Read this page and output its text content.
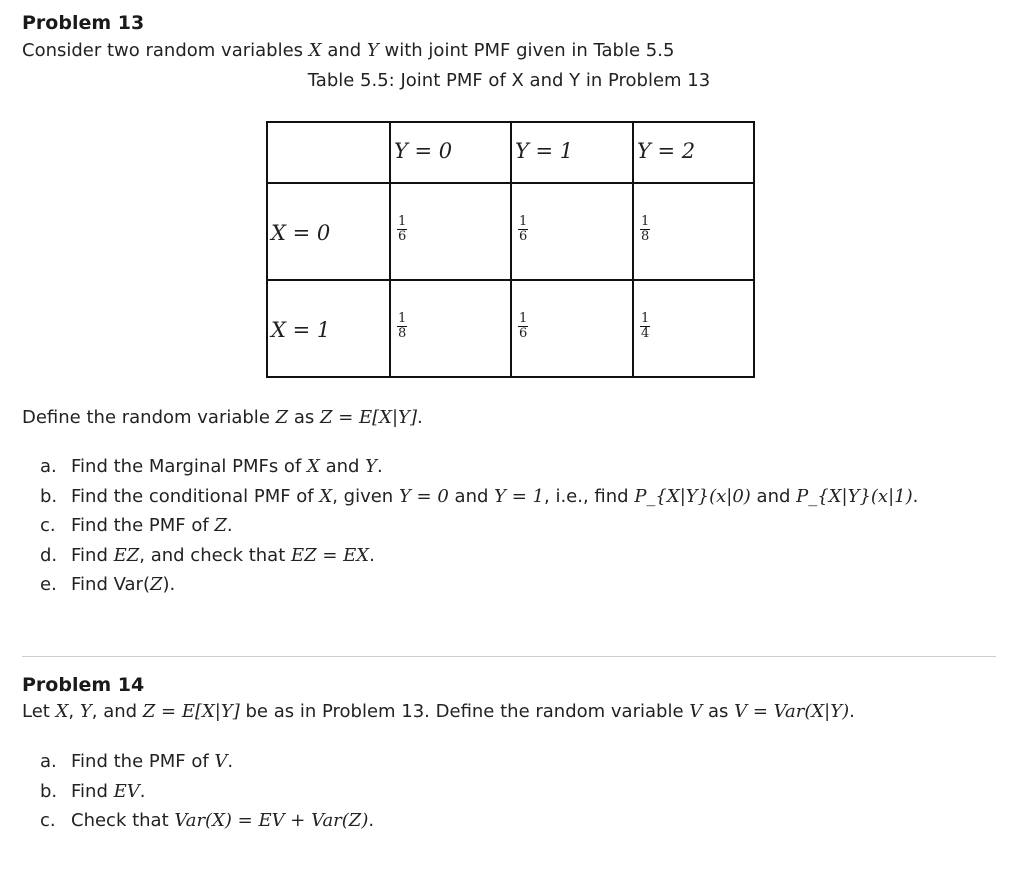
Problem 13
Consider two random variables X and Y with joint PMF given in Table 5.5
Table 5.5: Joint PMF of X and Y in Problem 13

	Y = 0	Y = 1	Y = 2

X = 0	$\frac{1}{6}$	$\frac{1}{6}$	$\frac{1}{8}$

X = 1	$\frac{1}{8}$	$\frac{1}{6}$	$\frac{1}{4}$
Define the random variable Z as Z = E[X|Y].
a. Find the Marginal PMFs of X and Y.
b. Find the conditional PMF of X, given Y = 0 and Y = 1, i.e., find P_{X|Y}(x|0) and P_{X|Y}(x|1).
c. Find the PMF of Z.
d. Find EZ, and check that EZ = EX.
e. Find Var(Z).
Problem 14
Let X, Y, and Z = E[X|Y] be as in Problem 13. Define the random variable V as V = Var(X|Y).
a. Find the PMF of V.
b. Find EV.
c. Check that Var(X) = EV + Var(Z).
